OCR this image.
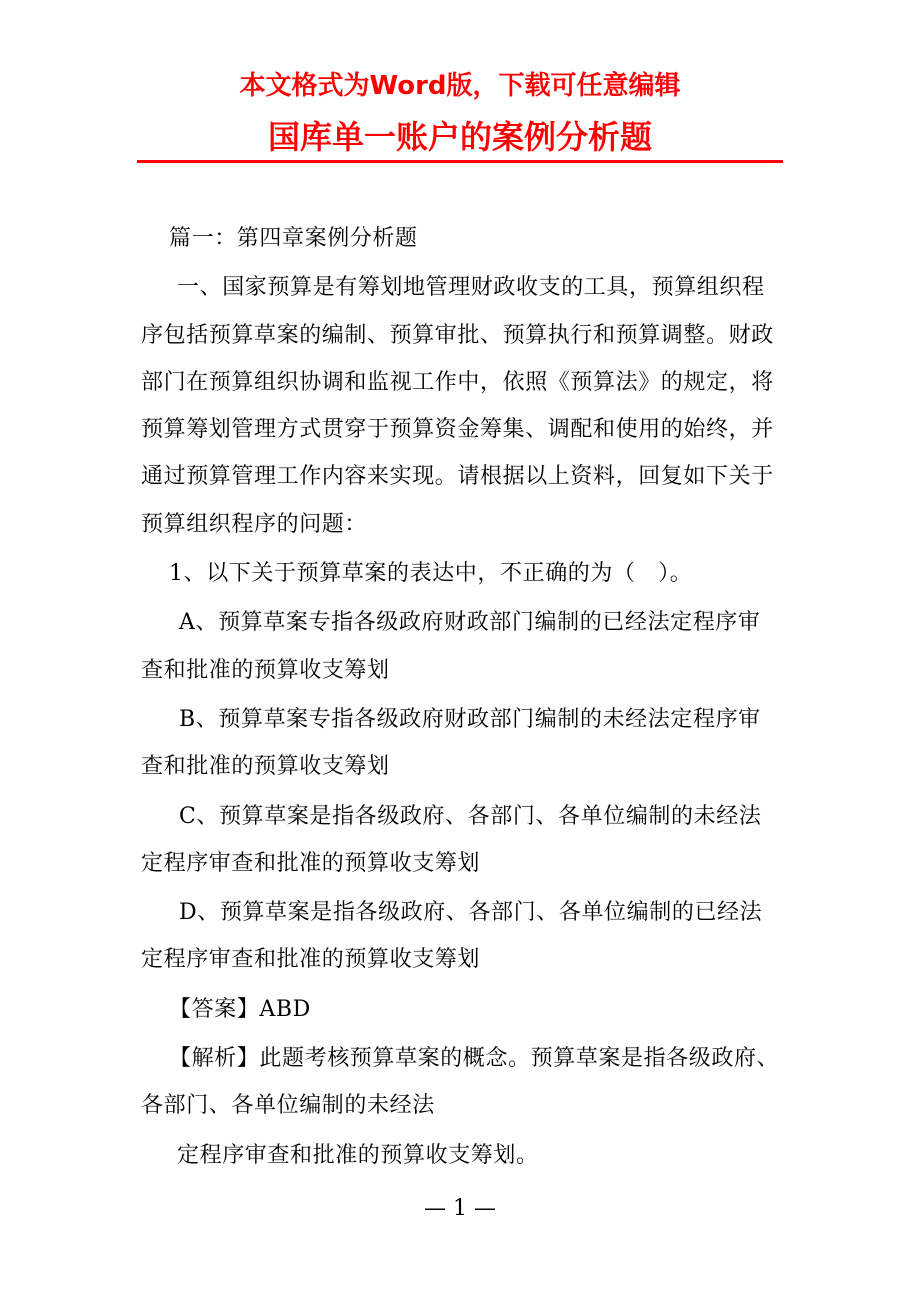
本文格式为Word版，下载可任意编辑
国库单一账户的案例分析题

篇一：第四章案例分析题

一、国家预算是有筹划地管理财政收支的工具，预算组织程序包括预算草案的编制、预算审批、预算执行和预算调整。财政部门在预算组织协调和监视工作中，依照《预算法》的规定，将预算筹划管理方式贯穿于预算资金筹集、调配和使用的始终，并通过预算管理工作内容来实现。请根据以上资料，回复如下关于预算组织程序的问题：

1、以下关于预算草案的表达中，不正确的为（　）。

A、预算草案专指各级政府财政部门编制的已经法定程序审查和批准的预算收支筹划

B、预算草案专指各级政府财政部门编制的未经法定程序审查和批准的预算收支筹划

C、预算草案是指各级政府、各部门、各单位编制的未经法定程序审查和批准的预算收支筹划

D、预算草案是指各级政府、各部门、各单位编制的已经法定程序审查和批准的预算收支筹划

【答案】ABD

【解析】此题考核预算草案的概念。预算草案是指各级政府、各部门、各单位编制的未经法

定程序审查和批准的预算收支筹划。

— 1 —
